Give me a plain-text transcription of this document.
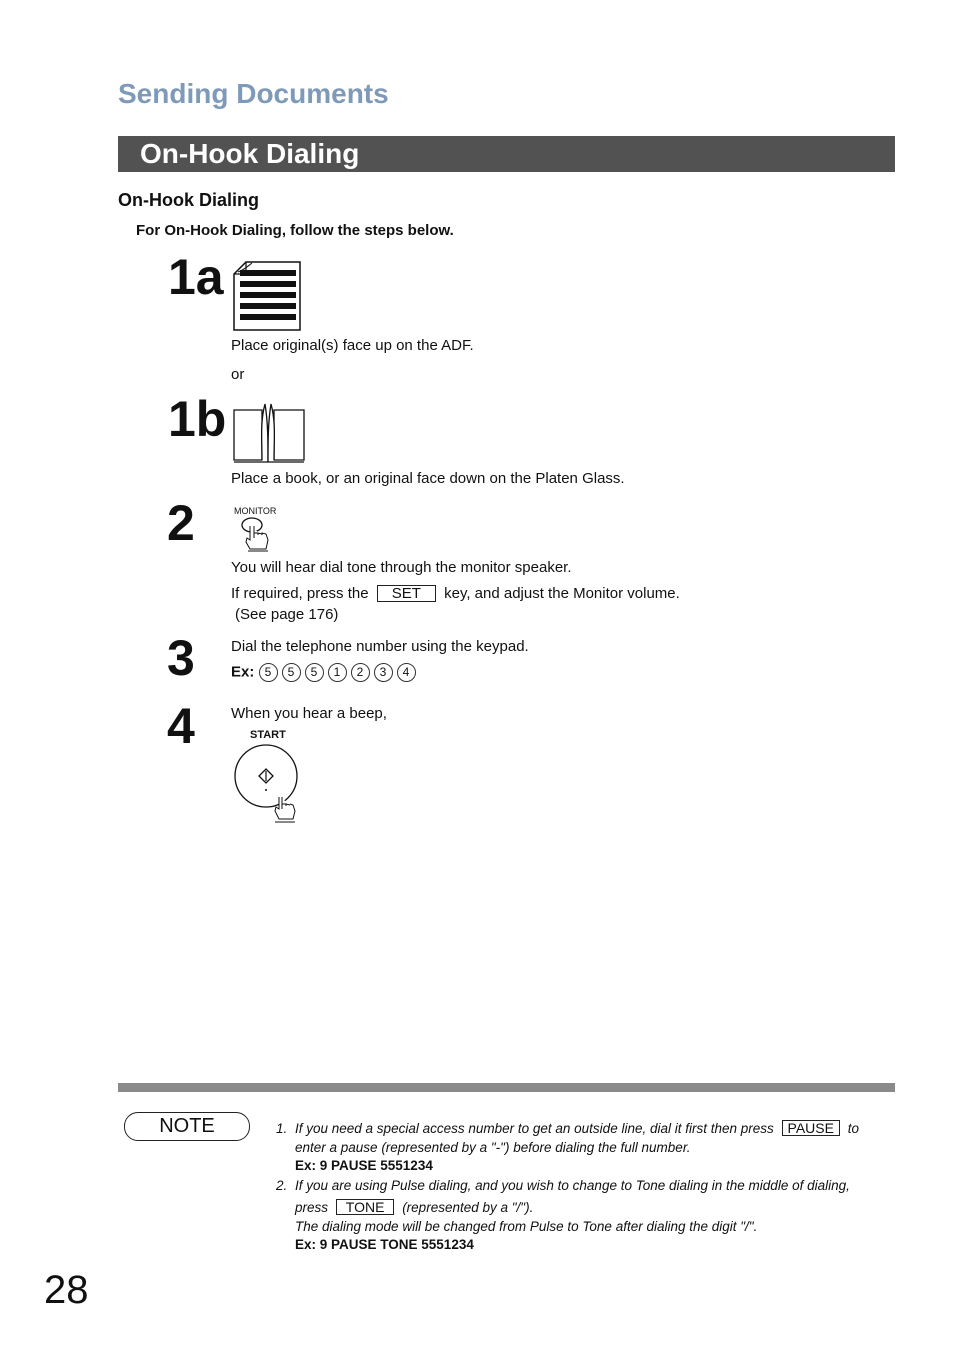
Sending Documents
On-Hook Dialing
On-Hook Dialing
For On-Hook Dialing, follow the steps below.
1a
Place original(s) face up on the ADF.
or
1b
Place a book, or an original face down on the Platen Glass.
2	MONITOR
You will hear dial tone through the monitor speaker.
If required, press the SET key, and adjust the Monitor volume.
(See page 176)
3 Dial the telephone number using the keypad.
Ex: 5 5 5 1 2 3 4
4 When you hear a beep,
START
NOTE	1. If you need a special access number to get an outside line, dial it first then press PAUSE to
enter a pause (represented by a "-") before dialing the full number.
Ex: 9 PAUSE 5551234
2. If you are using Pulse dialing, and you wish to change to Tone dialing in the middle of dialing,
press TONE (represented by a "/").
The dialing mode will be changed from Pulse to Tone after dialing the digit "/".
Ex: 9 PAUSE TONE 5551234
28
